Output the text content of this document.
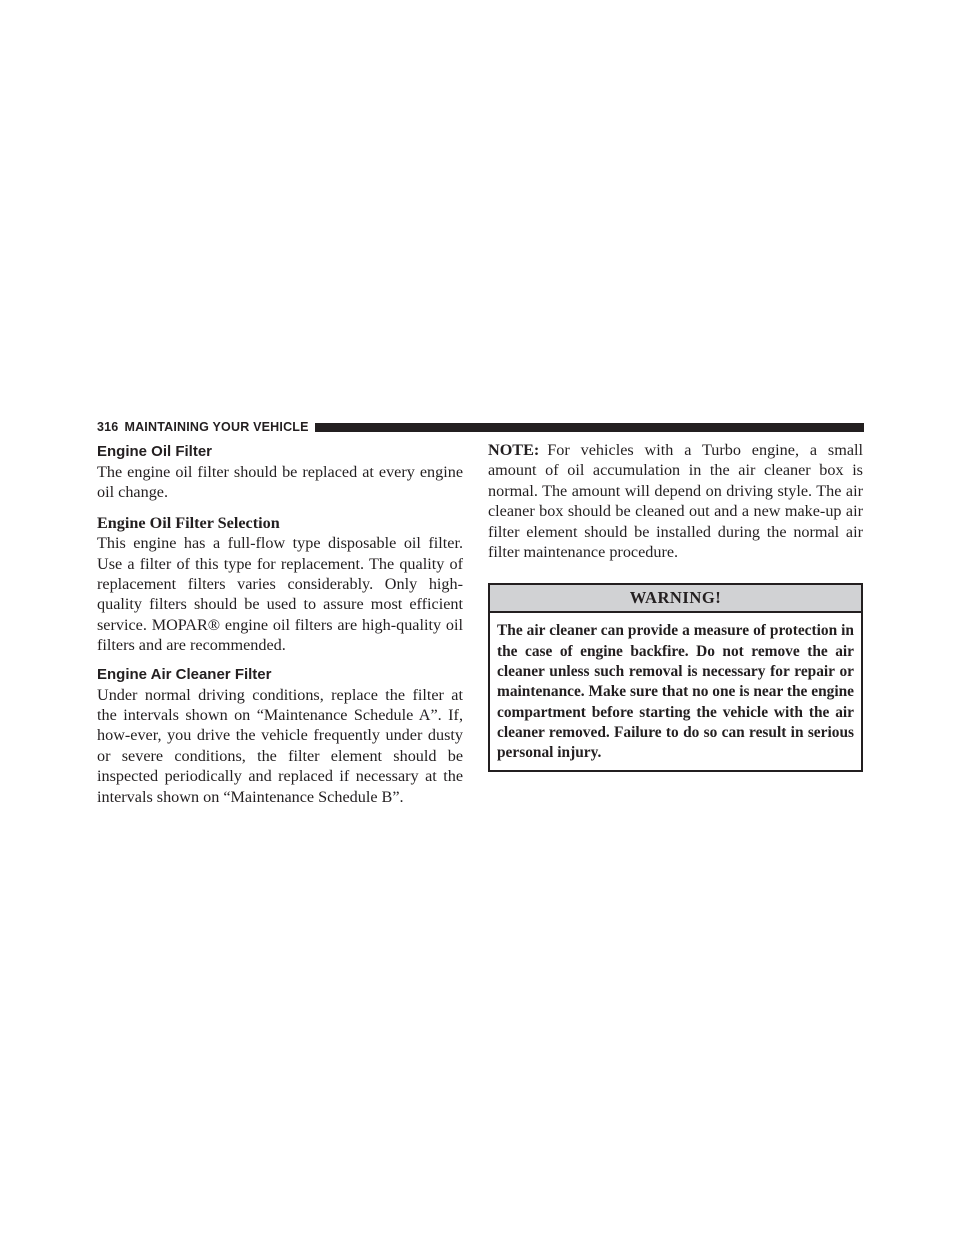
316 MAINTAINING YOUR VEHICLE
Engine Oil Filter

The engine oil filter should be replaced at every engine oil change.

Engine Oil Filter Selection

This engine has a full-flow type disposable oil filter. Use a filter of this type for replacement. The quality of replacement filters varies considerably. Only high-quality filters should be used to assure most efficient service. MOPAR® engine oil filters are high-quality oil filters and are recommended.

Engine Air Cleaner Filter

Under normal driving conditions, replace the filter at the intervals shown on “Maintenance Schedule A”. If, how-ever, you drive the vehicle frequently under dusty or severe conditions, the filter element should be inspected periodically and replaced if necessary at the intervals shown on “Maintenance Schedule B”.

NOTE: For vehicles with a Turbo engine, a small amount of oil accumulation in the air cleaner box is normal. The amount will depend on driving style. The air cleaner box should be cleaned out and a new make-up air filter element should be installed during the normal air filter maintenance procedure.

WARNING!
The air cleaner can provide a measure of protection in the case of engine backfire. Do not remove the air cleaner unless such removal is necessary for repair or maintenance. Make sure that no one is near the engine compartment before starting the vehicle with the air cleaner removed. Failure to do so can result in serious personal injury.
